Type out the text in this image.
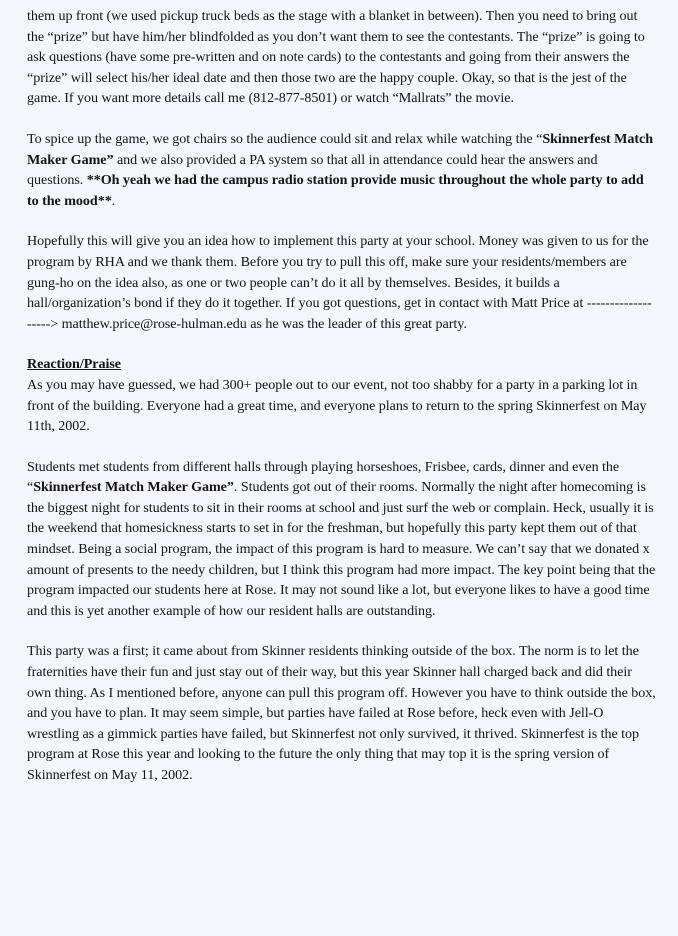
them up front (we used pickup truck beds as the stage with a blanket in between). Then you need to bring out the “prize” but have him/her blindfolded as you don’t want them to see the contestants. The “prize” is going to ask questions (have some pre-written and on note cards) to the contestants and going from their answers the “prize” will select his/her ideal date and then those two are the happy couple. Okay, so that is the jest of the game. If you want more details call me (812-877-8501) or watch “Mallrats” the movie.

To spice up the game, we got chairs so the audience could sit and relax while watching the “Skinnerfest Match Maker Game” and we also provided a PA system so that all in attendance could hear the answers and questions. **Oh yeah we had the campus radio station provide music throughout the whole party to add to the mood**.

Hopefully this will give you an idea how to implement this party at your school. Money was given to us for the program by RHA and we thank them. Before you try to pull this off, make sure your residents/members are gung-ho on the idea also, as one or two people can’t do it all by themselves. Besides, it builds a hall/organization’s bond if they do it together. If you got questions, get in contact with Matt Price at -------------------> matthew.price@rose-hulman.edu as he was the leader of this great party.

Reaction/Praise

As you may have guessed, we had 300+ people out to our event, not too shabby for a party in a parking lot in front of the building. Everyone had a great time, and everyone plans to return to the spring Skinnerfest on May 11th, 2002.

Students met students from different halls through playing horseshoes, Frisbee, cards, dinner and even the “Skinnerfest Match Maker Game”. Students got out of their rooms. Normally the night after homecoming is the biggest night for students to sit in their rooms at school and just surf the web or complain. Heck, usually it is the weekend that homesickness starts to set in for the freshman, but hopefully this party kept them out of that mindset. Being a social program, the impact of this program is hard to measure. We can’t say that we donated x amount of presents to the needy children, but I think this program had more impact. The key point being that the program impacted our students here at Rose. It may not sound like a lot, but everyone likes to have a good time and this is yet another example of how our resident halls are outstanding.

This party was a first; it came about from Skinner residents thinking outside of the box. The norm is to let the fraternities have their fun and just stay out of their way, but this year Skinner hall charged back and did their own thing. As I mentioned before, anyone can pull this program off. However you have to think outside the box, and you have to plan. It may seem simple, but parties have failed at Rose before, heck even with Jell-O wrestling as a gimmick parties have failed, but Skinnerfest not only survived, it thrived. Skinnerfest is the top program at Rose this year and looking to the future the only thing that may top it is the spring version of Skinnerfest on May 11, 2002.
